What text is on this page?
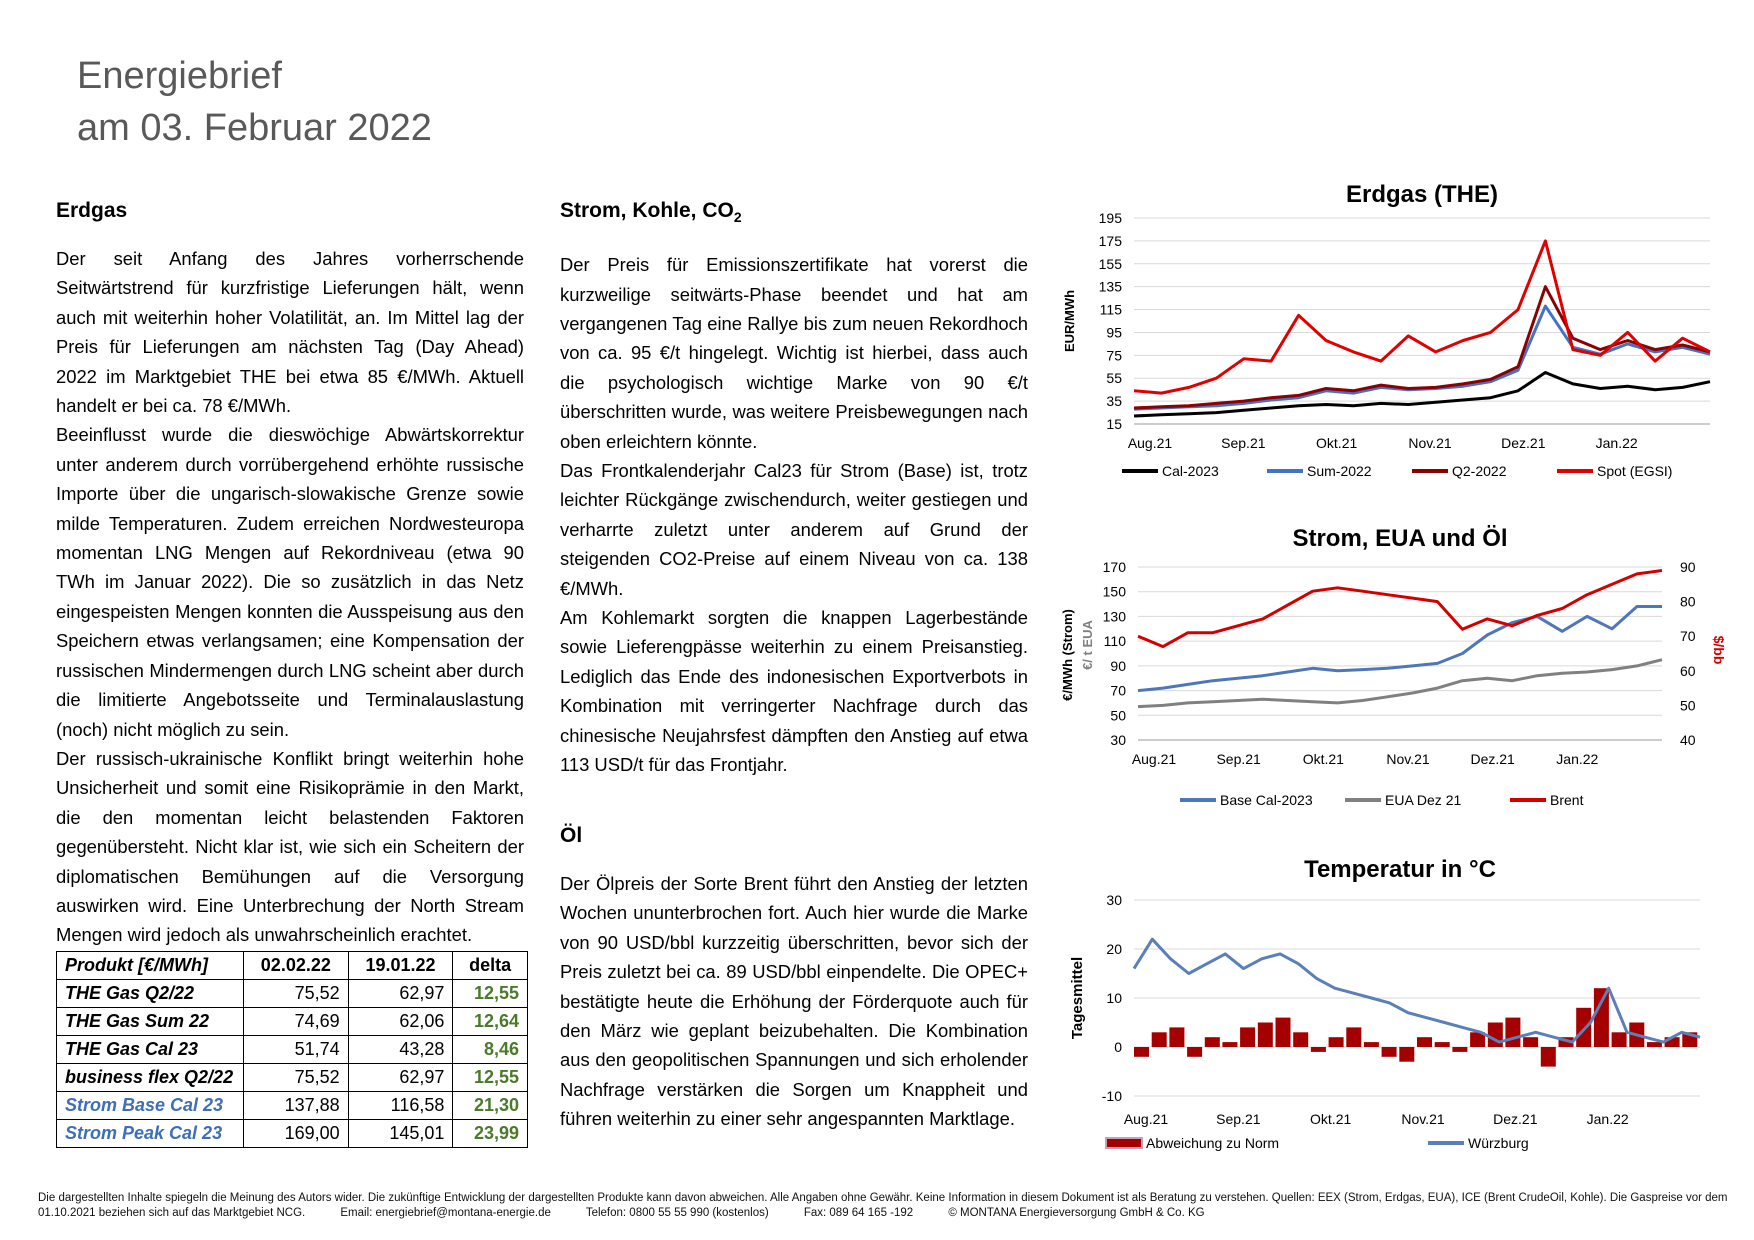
Energiebrief
am 03. Februar 2022
Erdgas

Der seit Anfang des Jahres vorherrschende Seitwärtstrend für kurzfristige Lieferungen hält, wenn auch mit weiterhin hoher Volatilität, an. Im Mittel lag der Preis für Lieferungen am nächsten Tag (Day Ahead) 2022 im Marktgebiet THE bei etwa 85 €/MWh. Aktuell handelt er bei ca. 78 €/MWh.

Beeinflusst wurde die dieswöchige Abwärtskorrektur unter anderem durch vorrübergehend erhöhte russische Importe über die ungarisch-slowakische Grenze sowie milde Temperaturen. Zudem erreichen Nordwesteuropa momentan LNG Mengen auf Rekordniveau (etwa 90 TWh im Januar 2022). Die so zusätzlich in das Netz eingespeisten Mengen konnten die Ausspeisung aus den Speichern etwas verlangsamen; eine Kompensation der russischen Mindermengen durch LNG scheint aber durch die limitierte Angebotsseite und Terminalauslastung (noch) nicht möglich zu sein.

Der russisch-ukrainische Konflikt bringt weiterhin hohe Unsicherheit und somit eine Risikoprämie in den Markt, die den momentan leicht belastenden Faktoren gegenübersteht. Nicht klar ist, wie sich ein Scheitern der diplomatischen Bemühungen auf die Versorgung auswirken wird. Eine Unterbrechung der North Stream Mengen wird jedoch als unwahrscheinlich erachtet.

Produkt [€/MWh]	02.02.22	19.01.22	delta
THE Gas Q2/22	75,52	62,97	12,55
THE Gas Sum 22	74,69	62,06	12,64
THE Gas Cal 23	51,74	43,28	8,46
business flex Q2/22	75,52	62,97	12,55
Strom Base Cal 23	137,88	116,58	21,30
Strom Peak Cal 23	169,00	145,01	23,99
Strom, Kohle, $CO_2$

Der Preis für Emissionszertifikate hat vorerst die kurzweilige seitwärts-Phase beendet und hat am vergangenen Tag eine Rallye bis zum neuen Rekordhoch von ca. 95 €/t hingelegt. Wichtig ist hierbei, dass auch die psychologisch wichtige Marke von 90 €/t überschritten wurde, was weitere Preisbewegungen nach oben erleichtern könnte.

Das Frontkalenderjahr Cal23 für Strom (Base) ist, trotz leichter Rückgänge zwischendurch, weiter gestiegen und verharrte zuletzt unter anderem auf Grund der steigenden CO2-Preise auf einem Niveau von ca. 138 €/MWh.

Am Kohlemarkt sorgten die knappen Lagerbestände sowie Lieferengpässe weiterhin zu einem Preisanstieg. Lediglich das Ende des indonesischen Exportverbots in Kombination mit verringerter Nachfrage durch das chinesische Neujahrsfest dämpften den Anstieg auf etwa 113 USD/t für das Frontjahr.

Öl

Der Ölpreis der Sorte Brent führt den Anstieg der letzten Wochen ununterbrochen fort. Auch hier wurde die Marke von 90 USD/bbl kurzzeitig überschritten, bevor sich der Preis zuletzt bei ca. 89 USD/bbl einpendelte. Die OPEC+ bestätigte heute die Erhöhung der Förderquote auch für den März wie geplant beizubehalten. Die Kombination aus den geopolitischen Spannungen und sich erholender Nachfrage verstärken die Sorgen um Knappheit und führen weiterhin zu einer sehr angespannten Marktlage.

Erdgas (THE)
15
35
55
75
95
115
135
155
175
195
Aug.21	Sep.21	Okt.21	Nov.21	Dez.21	Jan.22
Cal-2023	Sum-2022	Q2-2022	Spot (EGSI)
EUR/MWh
Strom, EUA und Öl
30
50
70
90
110
130
150
170
Aug.21	Sep.21	Okt.21	Nov.21	Dez.21	Jan.22
40
50
60
70
80
90
Base Cal-2023	EUA Dez 21	Brent
€/MWh (Strom) €/ t EUA	$/bb
Temperatur in °C
-10
0
10
20
30
Aug.21	Sep.21	Okt.21	Nov.21	Dez.21	Jan.22
Tagesmittel
Abweichung zu Norm	Würzburg
Die dargestellten Inhalte spiegeln die Meinung des Autors wider. Die zukünftige Entwicklung der dargestellten Produkte kann davon abweichen. Alle Angaben ohne Gewähr. Keine Information in diesem Dokument ist als Beratung zu verstehen. Quellen: EEX (Strom, Erdgas, EUA), ICE (Brent CrudeOil, Kohle). Die Gaspreise vor dem 01.10.2021 beziehen sich auf das Marktgebiet NCG.	Email: energiebrief@montana-energie.de	Telefon: 0800 55 55 990 (kostenlos)	Fax: 089 64 165 -192	© MONTANA Energieversorgung GmbH & Co. KG
